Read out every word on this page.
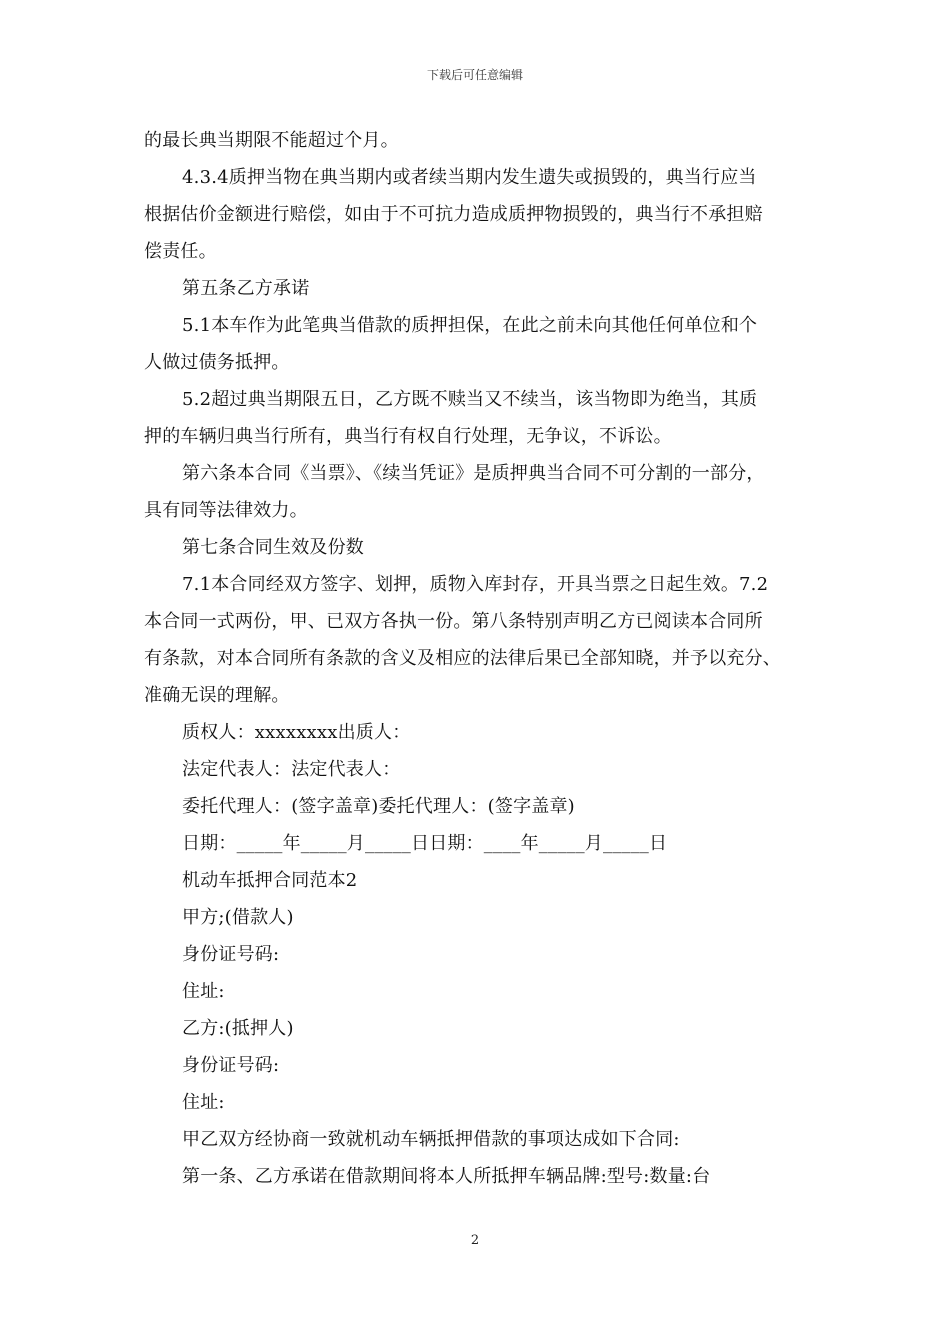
下载后可任意编辑
的最长典当期限不能超过个月。
4.3.4质押当物在典当期内或者续当期内发生遗失或损毁的，典当行应当
根据估价金额进行赔偿，如由于不可抗力造成质押物损毁的，典当行不承担赔
偿责任。
第五条乙方承诺
5.1本车作为此笔典当借款的质押担保，在此之前未向其他任何单位和个
人做过债务抵押。
5.2超过典当期限五日，乙方既不赎当又不续当，该当物即为绝当，其质
押的车辆归典当行所有，典当行有权自行处理，无争议，不诉讼。
第六条本合同《当票》、《续当凭证》是质押典当合同不可分割的一部分，
具有同等法律效力。
第七条合同生效及份数
7.1本合同经双方签字、划押，质物入库封存，开具当票之日起生效。7.2
本合同一式两份，甲、已双方各执一份。第八条特别声明乙方已阅读本合同所
有条款，对本合同所有条款的含义及相应的法律后果已全部知晓，并予以充分、
准确无误的理解。
质权人：xxxxxxxx出质人：
法定代表人：法定代表人：
委托代理人：(签字盖章)委托代理人：(签字盖章)
日期：_____年_____月_____日日期：____年_____月_____日
机动车抵押合同范本2
甲方;(借款人)
身份证号码:
住址:
乙方:(抵押人)
身份证号码:
住址:
甲乙双方经协商一致就机动车辆抵押借款的事项达成如下合同:
第一条、乙方承诺在借款期间将本人所抵押车辆品牌:型号:数量:台
2
